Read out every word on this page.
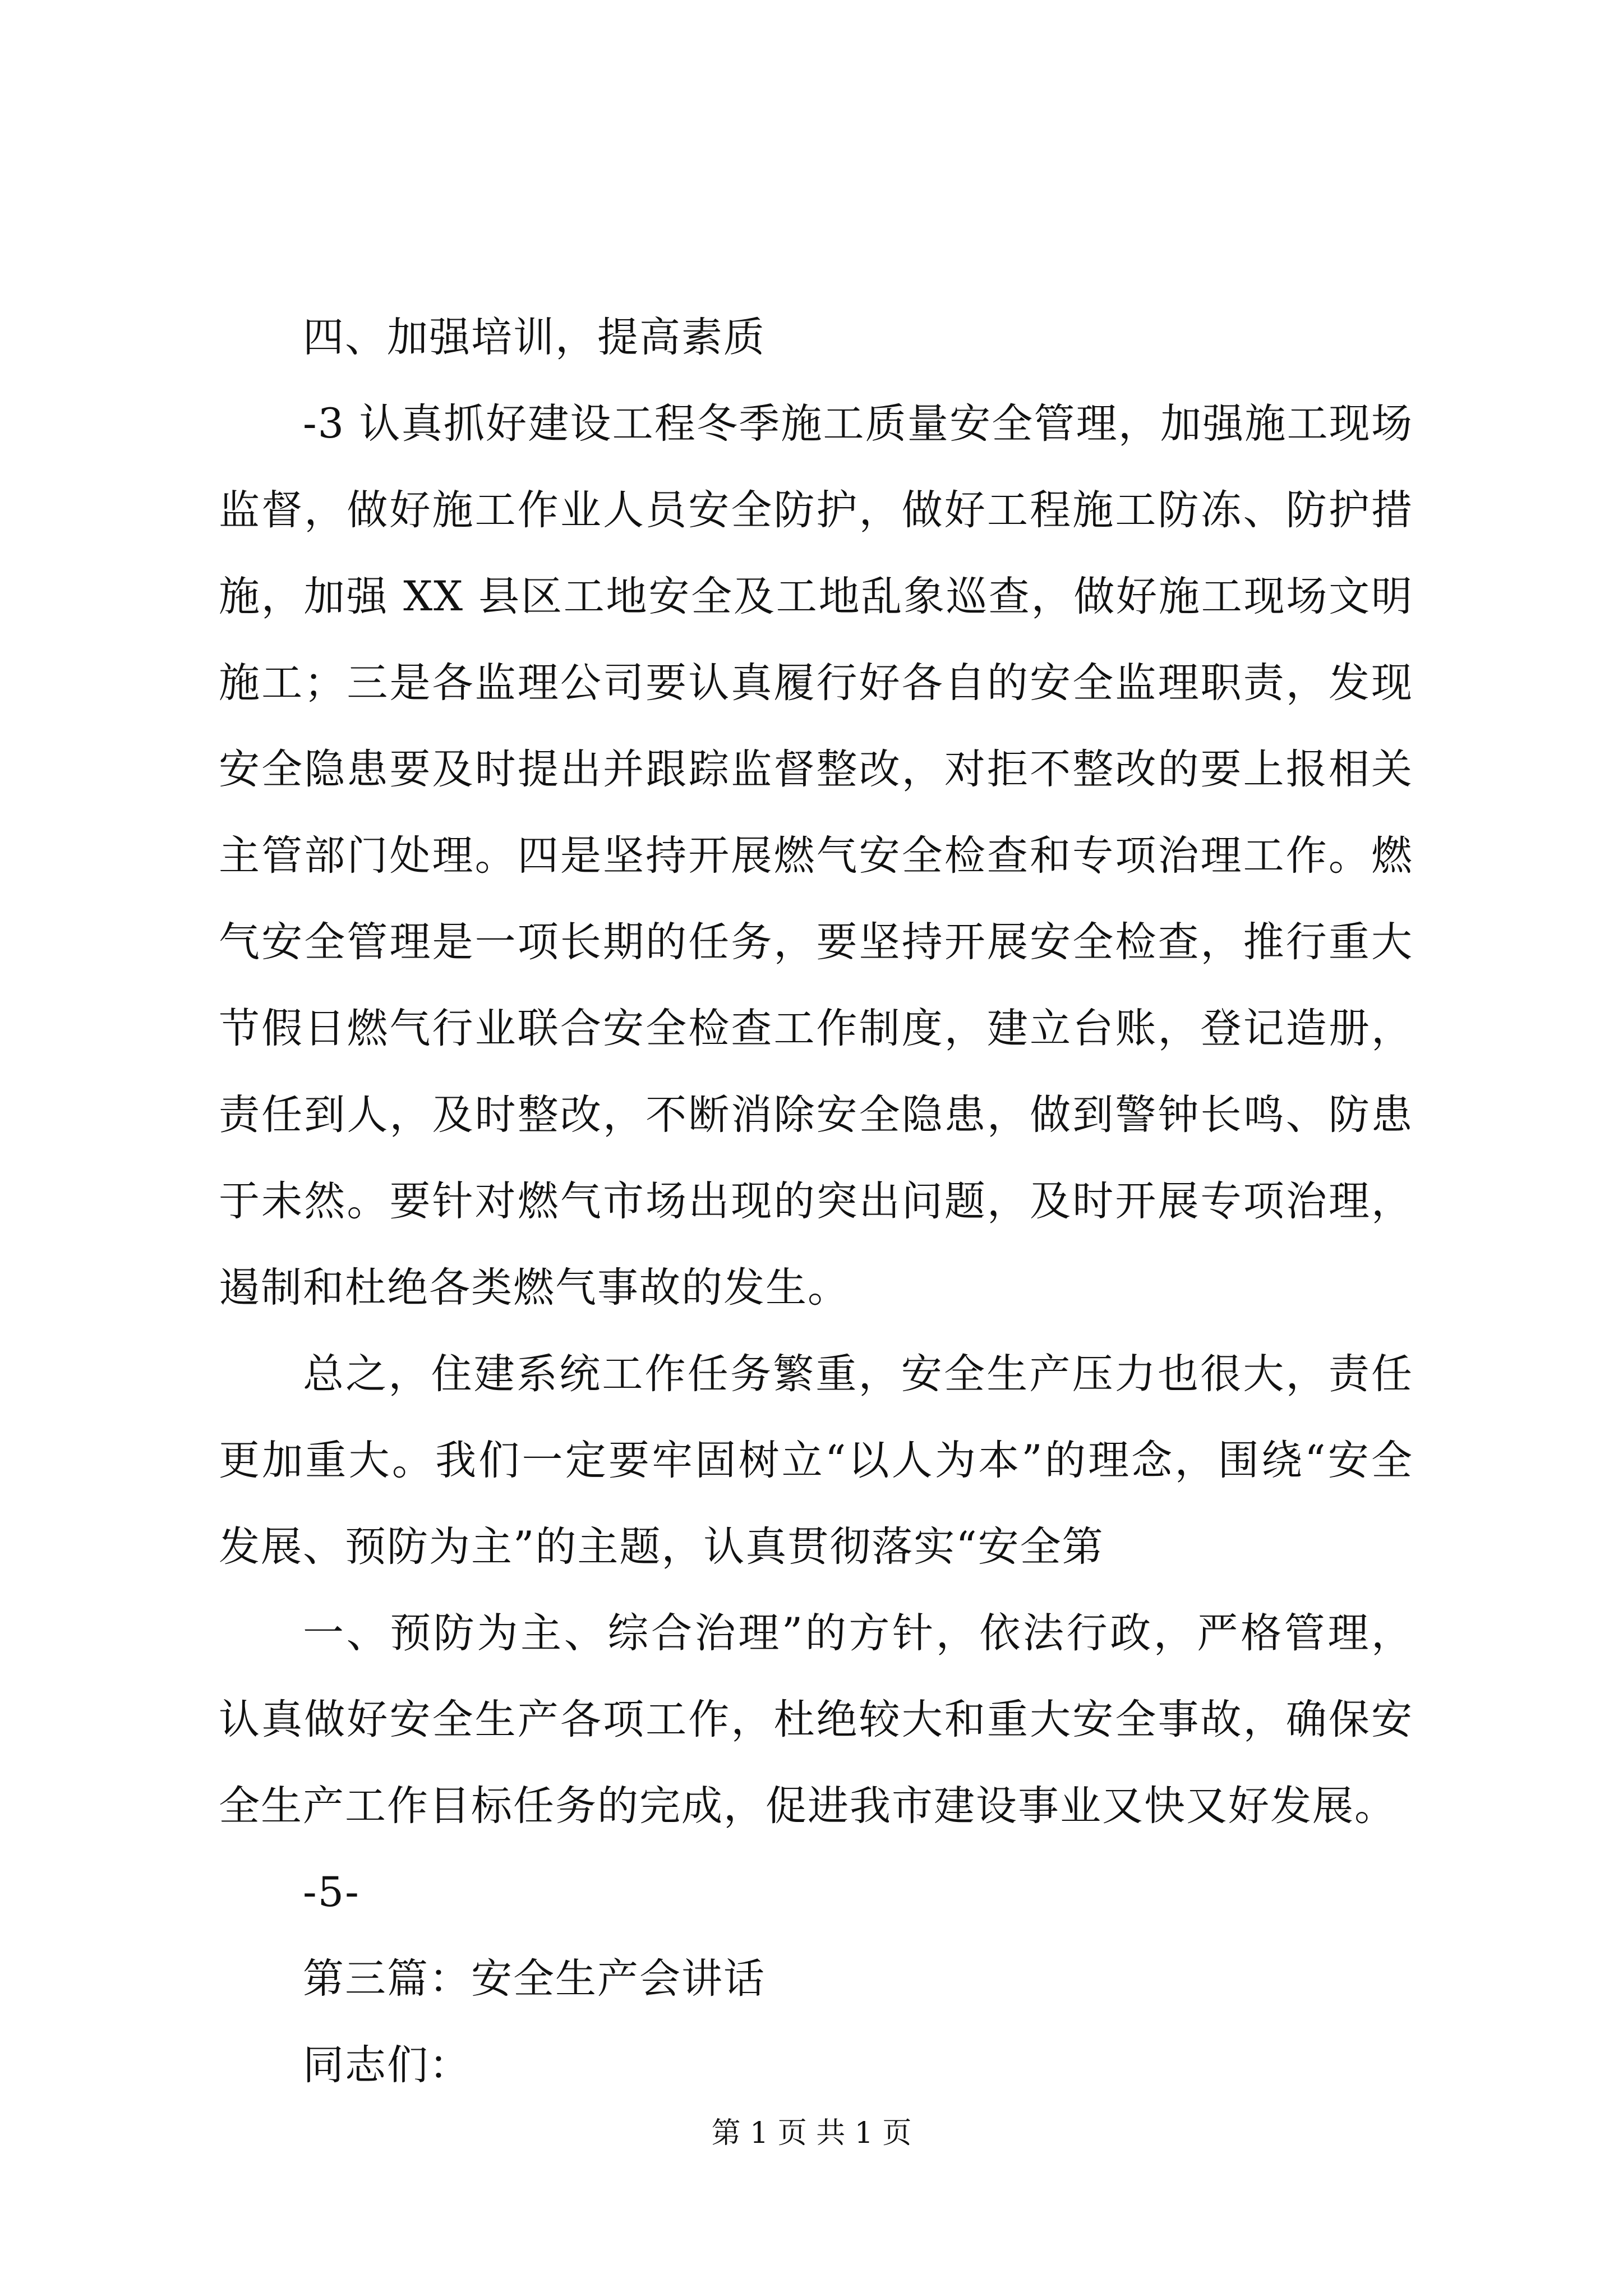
四、加强培训，提高素质

-3 认真抓好建设工程冬季施工质量安全管理，加强施工现场监督，做好施工作业人员安全防护，做好工程施工防冻、防护措施，加强 XX 县区工地安全及工地乱象巡查，做好施工现场文明施工；三是各监理公司要认真履行好各自的安全监理职责，发现安全隐患要及时提出并跟踪监督整改，对拒不整改的要上报相关主管部门处理。四是坚持开展燃气安全检查和专项治理工作。燃气安全管理是一项长期的任务，要坚持开展安全检查，推行重大节假日燃气行业联合安全检查工作制度，建立台账，登记造册，责任到人，及时整改，不断消除安全隐患，做到警钟长鸣、防患于未然。要针对燃气市场出现的突出问题，及时开展专项治理，遏制和杜绝各类燃气事故的发生。

总之，住建系统工作任务繁重，安全生产压力也很大，责任更加重大。我们一定要牢固树立“以人为本”的理念，围绕“安全发展、预防为主”的主题，认真贯彻落实“安全第

一、预防为主、综合治理”的方针，依法行政，严格管理，认真做好安全生产各项工作，杜绝较大和重大安全事故，确保安全生产工作目标任务的完成，促进我市建设事业又快又好发展。

-5-

第三篇：安全生产会讲话

同志们：

第 1 页 共 1 页
